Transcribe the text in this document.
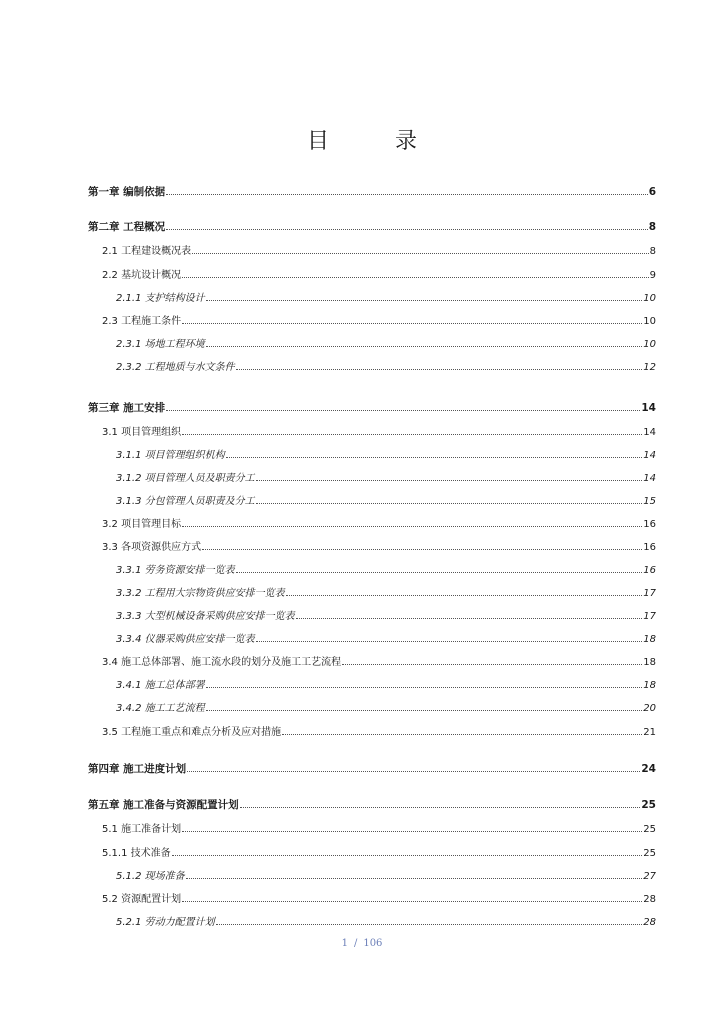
目　录
第一章 编制依据	6
第二章 工程概况	8
2.1 工程建设概况表	8
2.2 基坑设计概况	9
2.1.1 支护结构设计	10
2.3 工程施工条件	10
2.3.1 场地工程环境	10
2.3.2 工程地质与水文条件	12
第三章 施工安排	14
3.1 项目管理组织	14
3.1.1 项目管理组织机构	14
3.1.2 项目管理人员及职责分工	14
3.1.3 分包管理人员职责及分工	15
3.2 项目管理目标	16
3.3 各项资源供应方式	16
3.3.1 劳务资源安排一览表	16
3.3.2 工程用大宗物资供应安排一览表	17
3.3.3 大型机械设备采购供应安排一览表	17
3.3.4 仪器采购供应安排一览表	18
3.4 施工总体部署、施工流水段的划分及施工工艺流程	18
3.4.1 施工总体部署	18
3.4.2 施工工艺流程	20
3.5 工程施工重点和难点分析及应对措施	21
第四章 施工进度计划	24
第五章 施工准备与资源配置计划	25
5.1 施工准备计划	25
5.1.1 技术准备	25
5.1.2 现场准备	27
5.2 资源配置计划	28
5.2.1 劳动力配置计划	28
1 / 106
